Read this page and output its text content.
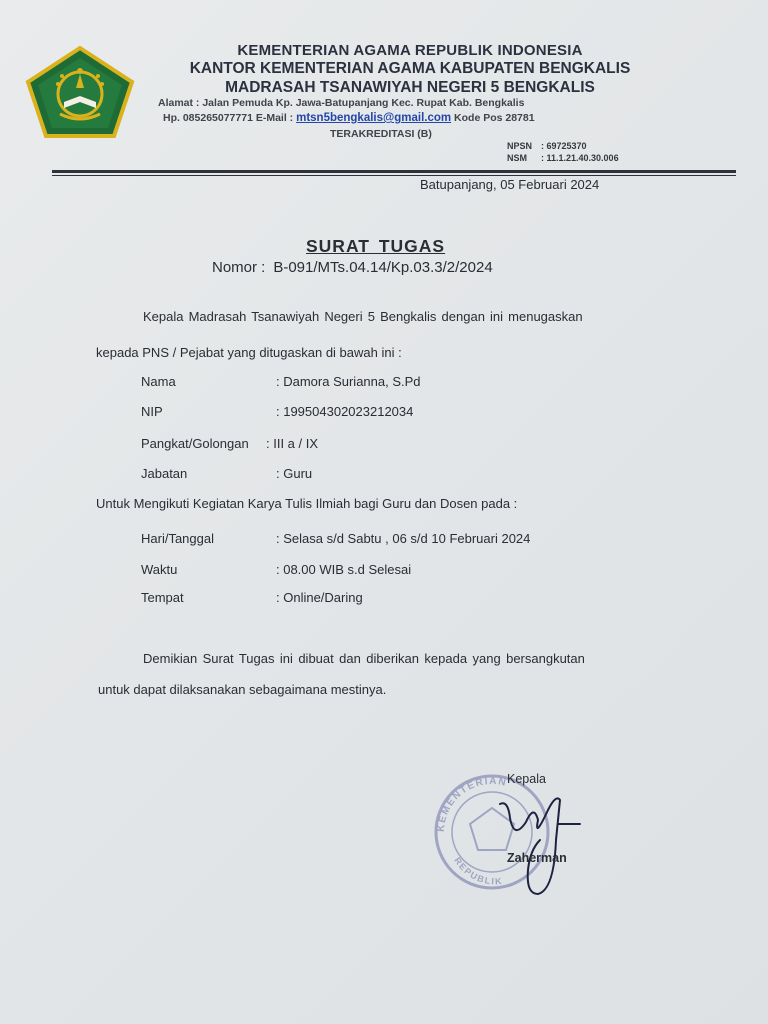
KEMENTERIAN AGAMA REPUBLIK INDONESIA
KANTOR KEMENTERIAN AGAMA KABUPATEN BENGKALIS
MADRASAH TSANAWIYAH NEGERI 5 BENGKALIS
Alamat : Jalan Pemuda Kp. Jawa-Batupanjang Kec. Rupat Kab. Bengkalis
Hp. 085265077771 E-Mail : mtsn5bengkalis@gmail.com Kode Pos 28781
TERAKREDITASI (B)
NPSN : 69725370
NSM : 11.1.21.40.30.006
Batupanjang, 05 Februari 2024
SURAT TUGAS
Nomor : B-091/MTs.04.14/Kp.03.3/2/2024
Kepala Madrasah Tsanawiyah Negeri 5 Bengkalis dengan ini menugaskan
kepada PNS / Pejabat yang ditugaskan di bawah ini :
Nama	: Damora Surianna, S.Pd
NIP	: 199504302023212034
Pangkat/Golongan : III a / IX
Jabatan	: Guru
Untuk Mengikuti Kegiatan Karya Tulis Ilmiah bagi Guru dan Dosen pada :
Hari/Tanggal	: Selasa s/d Sabtu , 06 s/d 10 Februari 2024
Waktu	: 08.00 WIB s.d Selesai
Tempat	: Online/Daring
Demikian Surat Tugas ini dibuat dan diberikan kepada yang bersangkutan
untuk dapat dilaksanakan sebagaimana mestinya.
KEMENTERIAN
REPUBLIK
Kepala
Zaherman
